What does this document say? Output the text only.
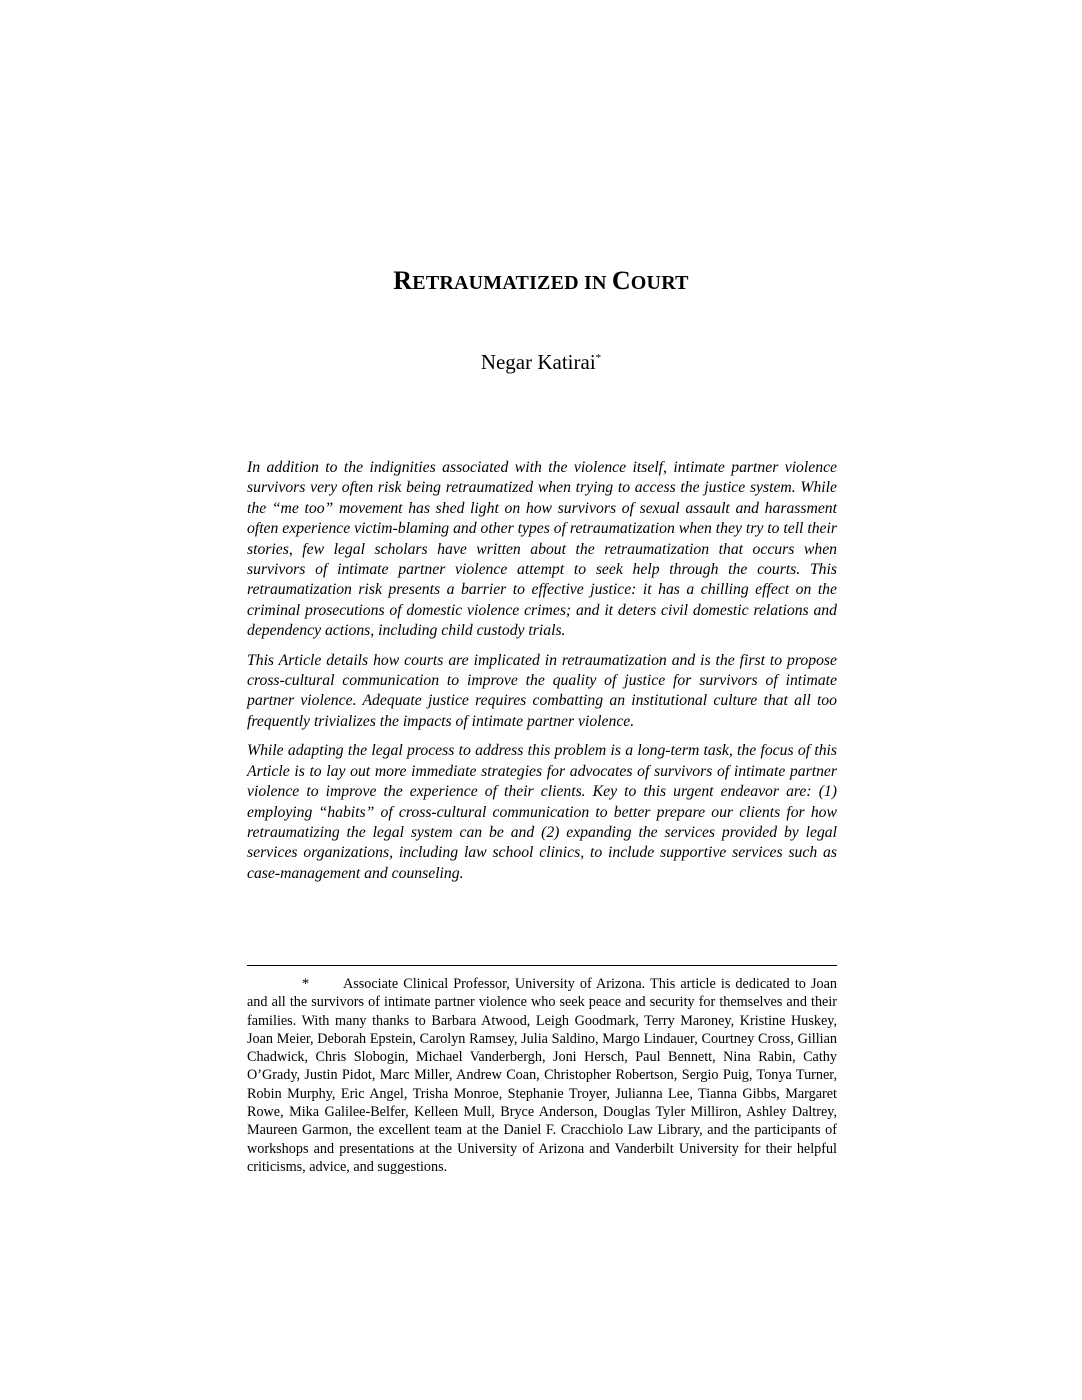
RETRAUMATIZED IN COURT

Negar Katirai*

In addition to the indignities associated with the violence itself, intimate partner violence survivors very often risk being retraumatized when trying to access the justice system. While the “me too” movement has shed light on how survivors of sexual assault and harassment often experience victim-blaming and other types of retraumatization when they try to tell their stories, few legal scholars have written about the retraumatization that occurs when survivors of intimate partner violence attempt to seek help through the courts. This retraumatization risk presents a barrier to effective justice: it has a chilling effect on the criminal prosecutions of domestic violence crimes; and it deters civil domestic relations and dependency actions, including child custody trials.

This Article details how courts are implicated in retraumatization and is the first to propose cross-cultural communication to improve the quality of justice for survivors of intimate partner violence. Adequate justice requires combatting an institutional culture that all too frequently trivializes the impacts of intimate partner violence.

While adapting the legal process to address this problem is a long-term task, the focus of this Article is to lay out more immediate strategies for advocates of survivors of intimate partner violence to improve the experience of their clients. Key to this urgent endeavor are: (1) employing “habits” of cross-cultural communication to better prepare our clients for how retraumatizing the legal system can be and (2) expanding the services provided by legal services organizations, including law school clinics, to include supportive services such as case-management and counseling.

* Associate Clinical Professor, University of Arizona. This article is dedicated to Joan and all the survivors of intimate partner violence who seek peace and security for themselves and their families. With many thanks to Barbara Atwood, Leigh Goodmark, Terry Maroney, Kristine Huskey, Joan Meier, Deborah Epstein, Carolyn Ramsey, Julia Saldino, Margo Lindauer, Courtney Cross, Gillian Chadwick, Chris Slobogin, Michael Vanderbergh, Joni Hersch, Paul Bennett, Nina Rabin, Cathy O’Grady, Justin Pidot, Marc Miller, Andrew Coan, Christopher Robertson, Sergio Puig, Tonya Turner, Robin Murphy, Eric Angel, Trisha Monroe, Stephanie Troyer, Julianna Lee, Tianna Gibbs, Margaret Rowe, Mika Galilee-Belfer, Kelleen Mull, Bryce Anderson, Douglas Tyler Milliron, Ashley Daltrey, Maureen Garmon, the excellent team at the Daniel F. Cracchiolo Law Library, and the participants of workshops and presentations at the University of Arizona and Vanderbilt University for their helpful criticisms, advice, and suggestions.
